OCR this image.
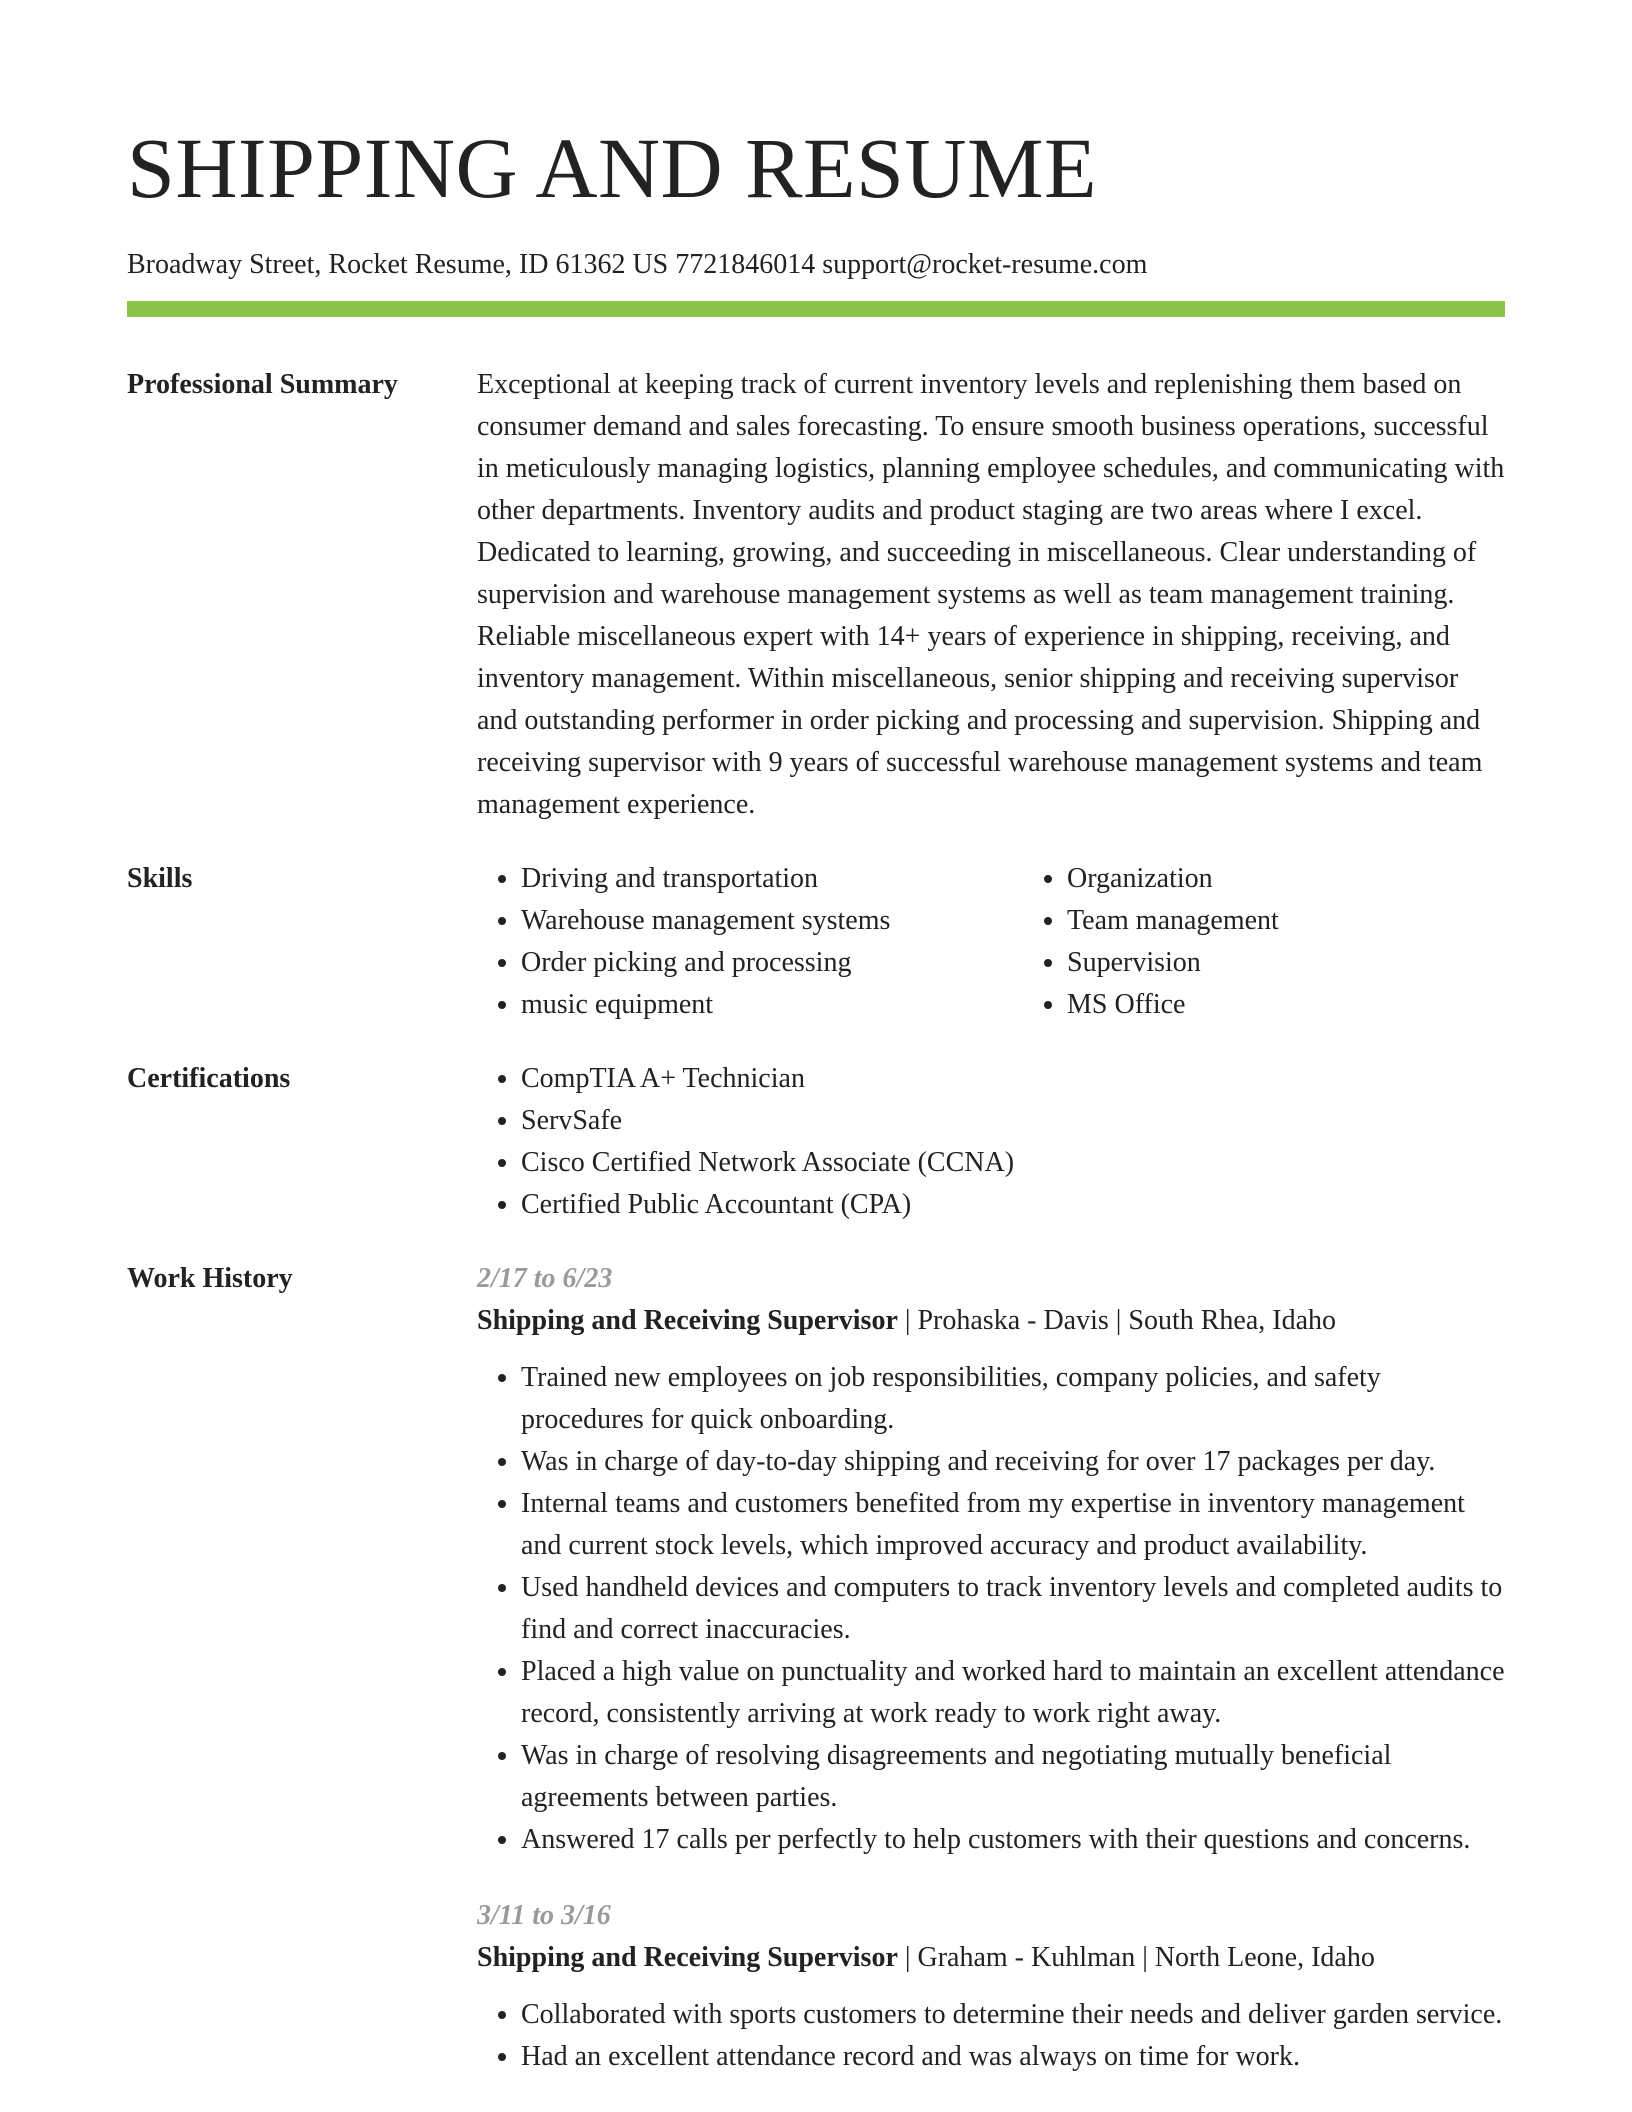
SHIPPING AND RESUME
Broadway Street, Rocket Resume, ID 61362 US 7721846014 support@rocket-resume.com
Professional Summary	Exceptional at keeping track of current inventory levels and replenishing them based on consumer demand and sales forecasting. To ensure smooth business operations, successful in meticulously managing logistics, planning employee schedules, and communicating with other departments. Inventory audits and product staging are two areas where I excel. Dedicated to learning, growing, and succeeding in miscellaneous. Clear understanding of supervision and warehouse management systems as well as team management training. Reliable miscellaneous expert with 14+ years of experience in shipping, receiving, and inventory management. Within miscellaneous, senior shipping and receiving supervisor and outstanding performer in order picking and processing and supervision. Shipping and receiving supervisor with 9 years of successful warehouse management systems and team management experience.
Skills	• Driving and transportation
• Warehouse management systems
• Order picking and processing
• music equipment
• Organization
• Team management
• Supervision
• MS Office
Certifications	• CompTIA A+ Technician
• ServSafe
• Cisco Certified Network Associate (CCNA)
• Certified Public Accountant (CPA)
Work History	2/17 to 6/23
Shipping and Receiving Supervisor | Prohaska - Davis | South Rhea, Idaho
• Trained new employees on job responsibilities, company policies, and safety procedures for quick onboarding.
• Was in charge of day-to-day shipping and receiving for over 17 packages per day.
• Internal teams and customers benefited from my expertise in inventory management and current stock levels, which improved accuracy and product availability.
• Used handheld devices and computers to track inventory levels and completed audits to find and correct inaccuracies.
• Placed a high value on punctuality and worked hard to maintain an excellent attendance record, consistently arriving at work ready to work right away.
• Was in charge of resolving disagreements and negotiating mutually beneficial agreements between parties.
• Answered 17 calls per perfectly to help customers with their questions and concerns.
3/11 to 3/16
Shipping and Receiving Supervisor | Graham - Kuhlman | North Leone, Idaho
• Collaborated with sports customers to determine their needs and deliver garden service.
• Had an excellent attendance record and was always on time for work.
